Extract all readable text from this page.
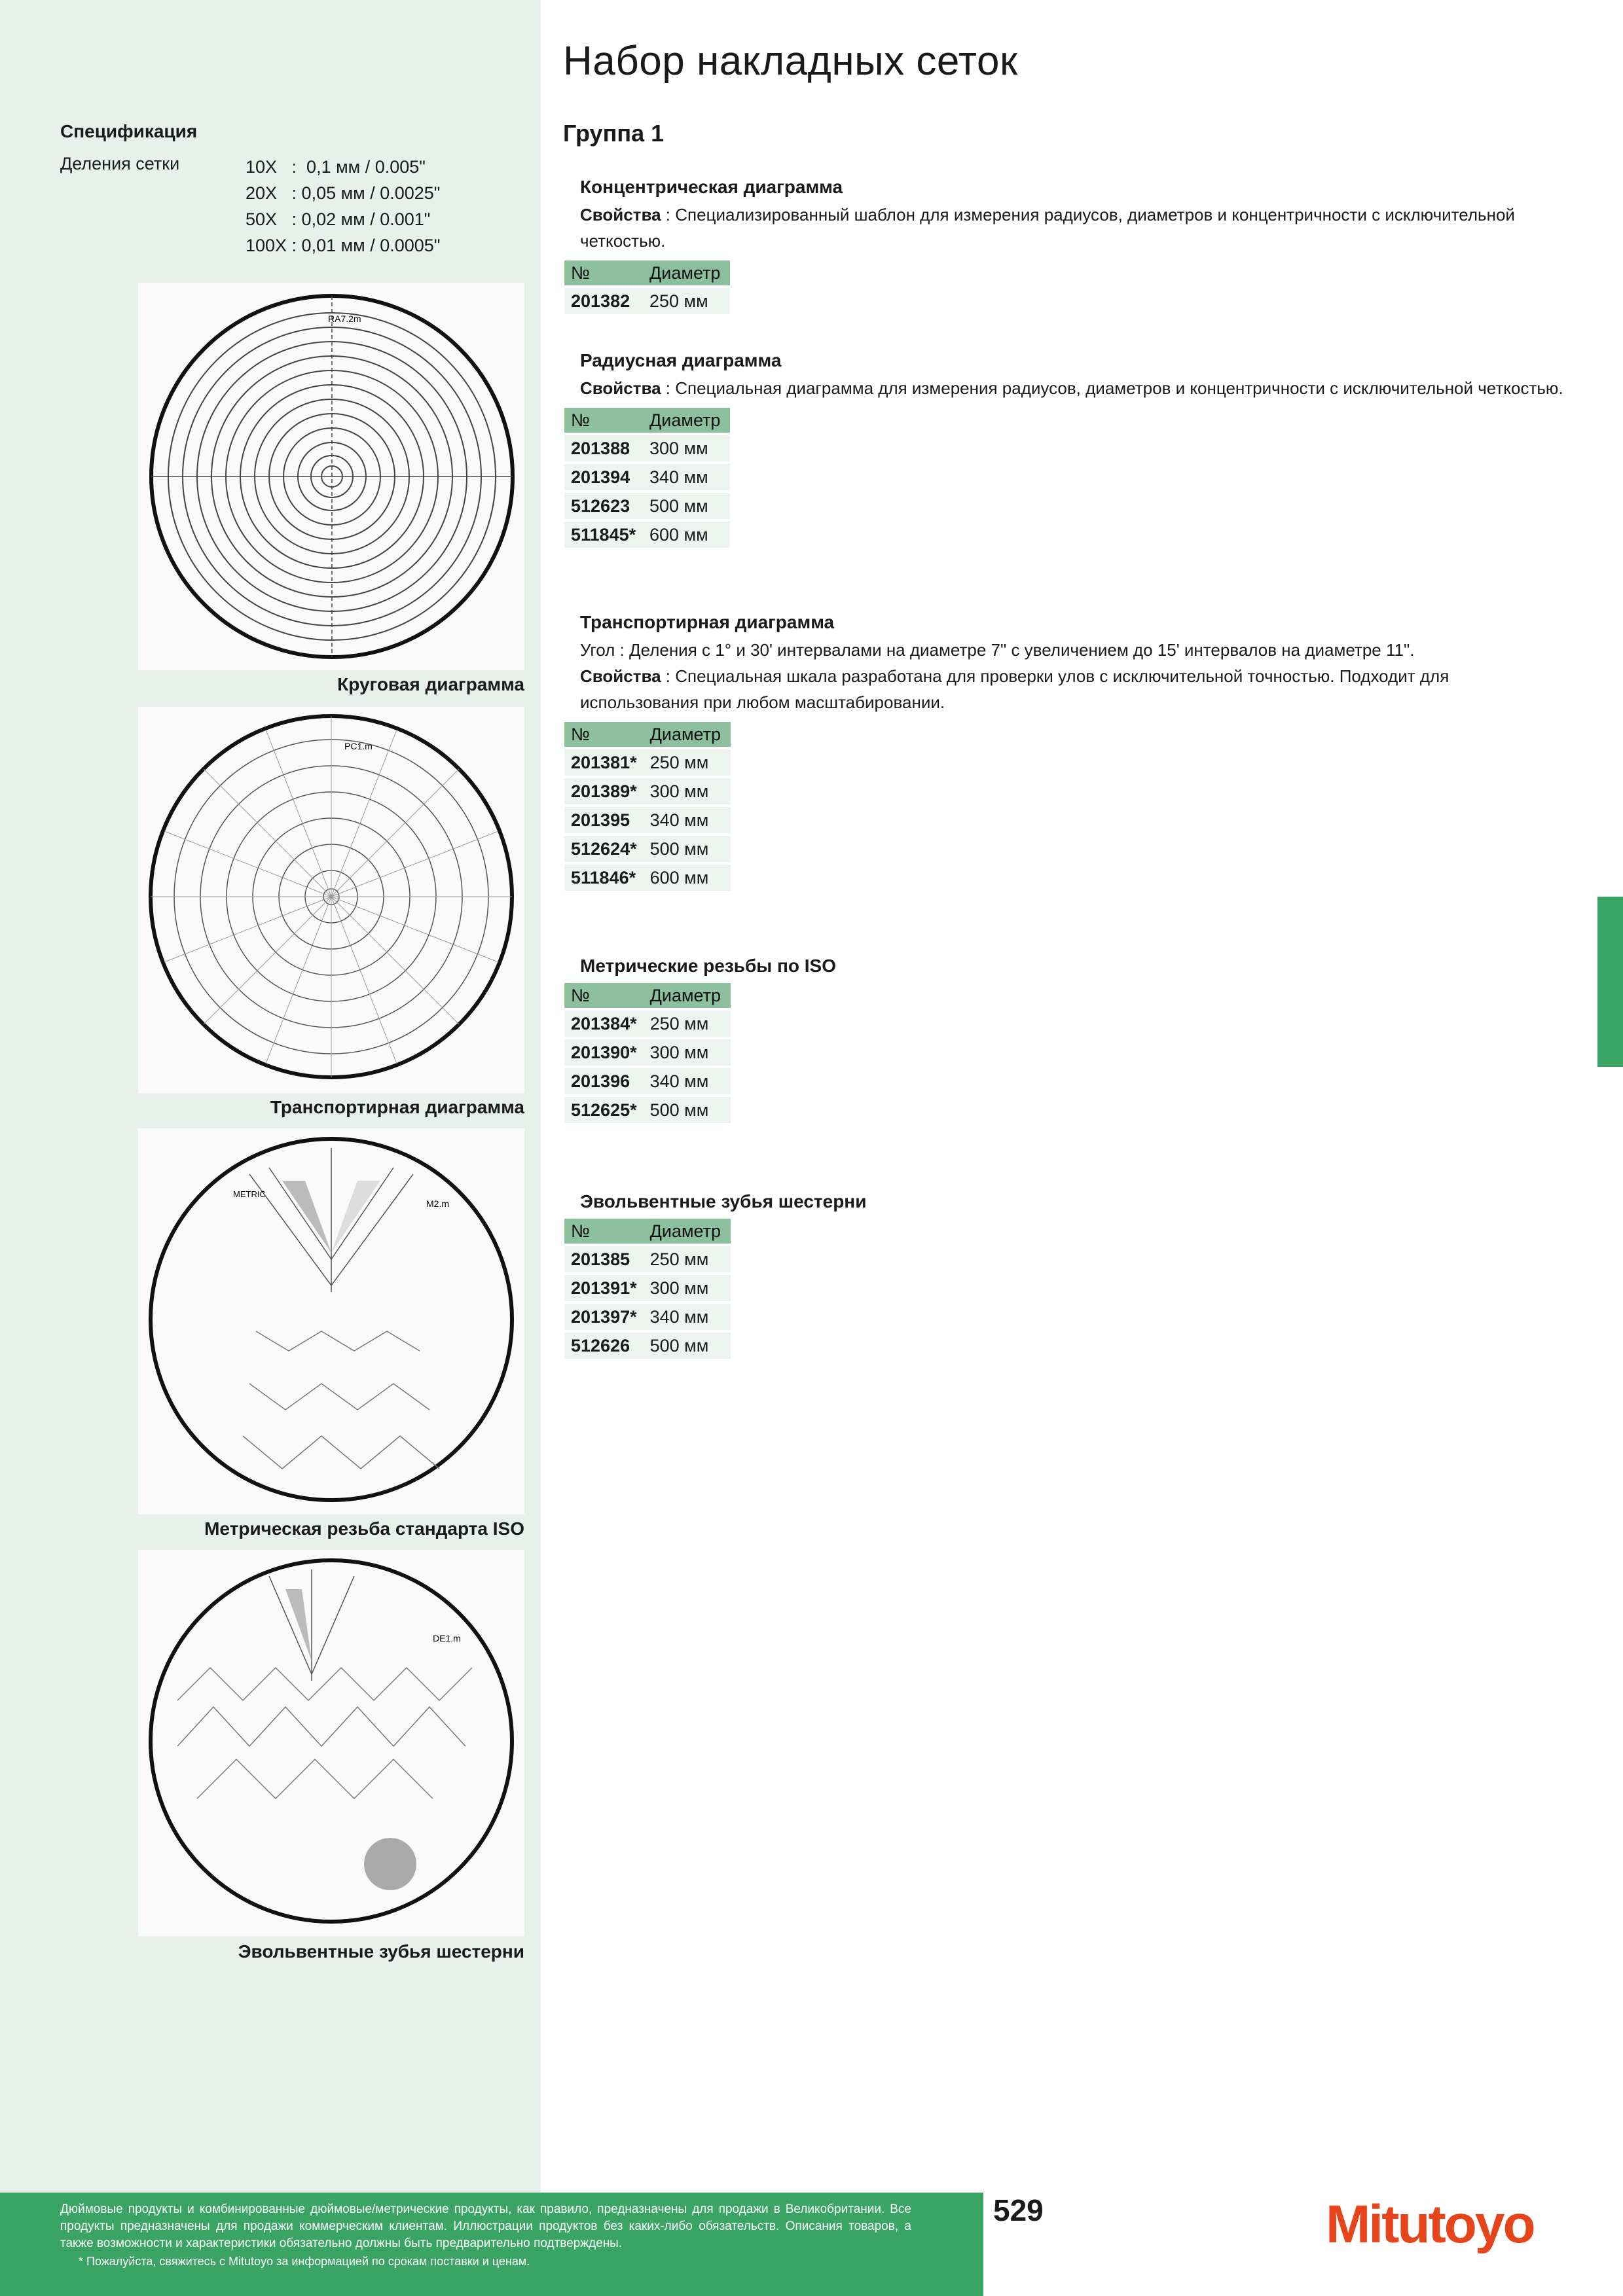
Набор накладных сеток
Группа 1
Спецификация
Деления сетки	10X   :  0,1 мм / 0.005"
20X   : 0,05 мм / 0.0025"
50X   : 0,02 мм / 0.001"
100X : 0,01 мм / 0.0005"
RA7.2m
Круговая диаграмма
PC1.m
Транспортирная диаграмма
METRIC
M2.m
Метрическая резьба стандарта ISO
DE1.m
Эвольвентные зубья шестерни
Концентрическая диаграмма
Свойства : Специализированный шаблон для измерения радиусов, диаметров и концентричности с исключительной
четкостью.
№	Диаметр
201382	250 мм
Радиусная диаграмма
Свойства : Специальная диаграмма для измерения радиусов, диаметров и концентричности с исключительной четкостью.
№	Диаметр
201388	300 мм
201394	340 мм
512623	500 мм
511845*	600 мм
Транспортирная диаграмма
Угол : Деления с 1° и 30' интервалами на диаметре 7" с увеличением до 15' интервалов на диаметре 11".
Свойства : Специальная шкала разработана для проверки улов с исключительной точностью. Подходит для
использования при любом масштабировании.
№	Диаметр
201381*	250 мм
201389*	300 мм
201395	340 мм
512624*	500 мм
511846*	600 мм
Метрические резьбы по ISO
№	Диаметр
201384*	250 мм
201390*	300 мм
201396	340 мм
512625*	500 мм
Эвольвентные зубья шестерни
№	Диаметр
201385	250 мм
201391*	300 мм
201397*	340 мм
512626	500 мм
Дюймовые продукты и комбинированные дюймовые/метрические продукты, как правило, предназначены для продажи в Великобритании. Все продукты предназначены для продажи коммерческим клиентам. Иллюстрации продуктов без каких-либо обязательств. Описания товаров, а также возможности и характеристики обязательно должны быть предварительно подтверждены.
* Пожалуйста, свяжитесь с Mitutoyo за информацией по срокам поставки и ценам.
529	Mitutoyo
